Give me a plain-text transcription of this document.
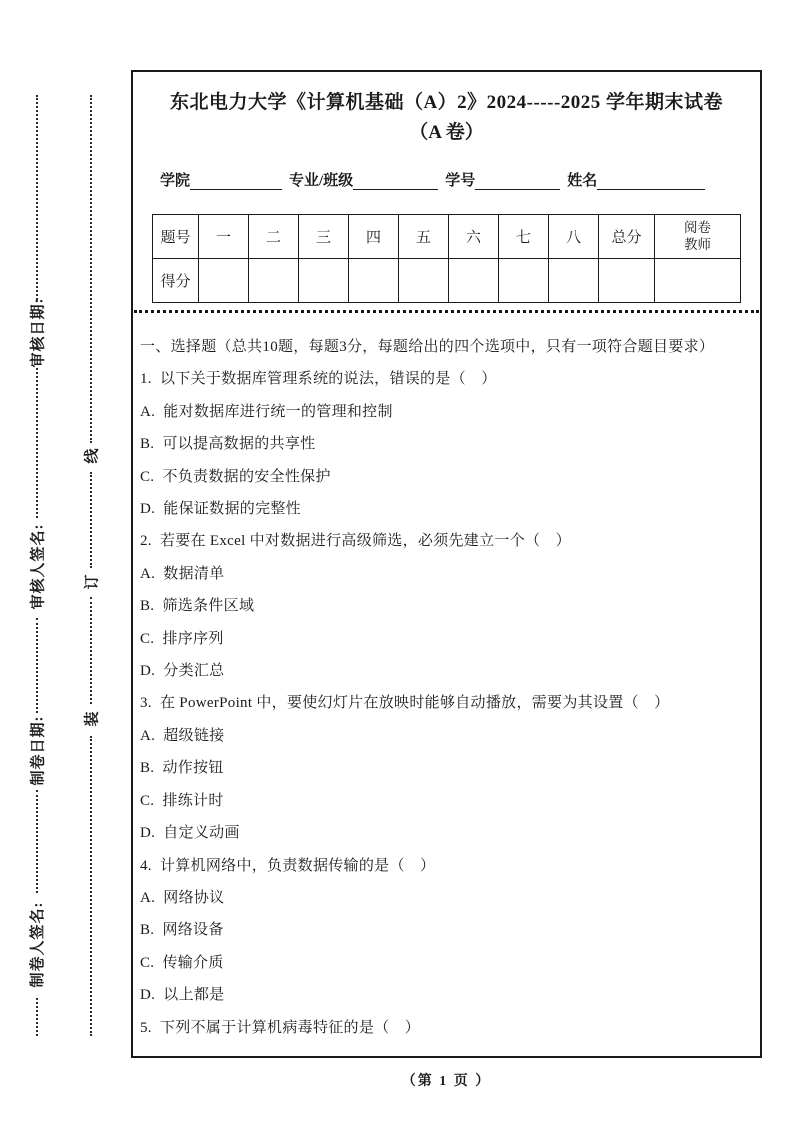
审核日期:
审核人签名:
制卷日期:
制卷人签名:
线
订
装
东北电力大学《计算机基础（A）2》2024-----2025 学年期末试卷
（A 卷）
学院	专业/班级	学号	姓名
题号	一	二	三	四	五	六	七	八	总分	阅卷教师
得分										

一、选择题（总共10题，每题3分，每题给出的四个选项中，只有一项符合题目要求）

1.  以下关于数据库管理系统的说法，错误的是（　）

A.  能对数据库进行统一的管理和控制

B.  可以提高数据的共享性

C.  不负责数据的安全性保护

D.  能保证数据的完整性

2.  若要在 Excel 中对数据进行高级筛选，必须先建立一个（　）

A.  数据清单

B.  筛选条件区域

C.  排序序列

D.  分类汇总

3.  在 PowerPoint 中，要使幻灯片在放映时能够自动播放，需要为其设置（　）

A.  超级链接

B.  动作按钮

C.  排练计时

D.  自定义动画

4.  计算机网络中，负责数据传输的是（　）

A.  网络协议

B.  网络设备

C.  传输介质

D.  以上都是

5.  下列不属于计算机病毒特征的是（　）

（第 1 页 ）
